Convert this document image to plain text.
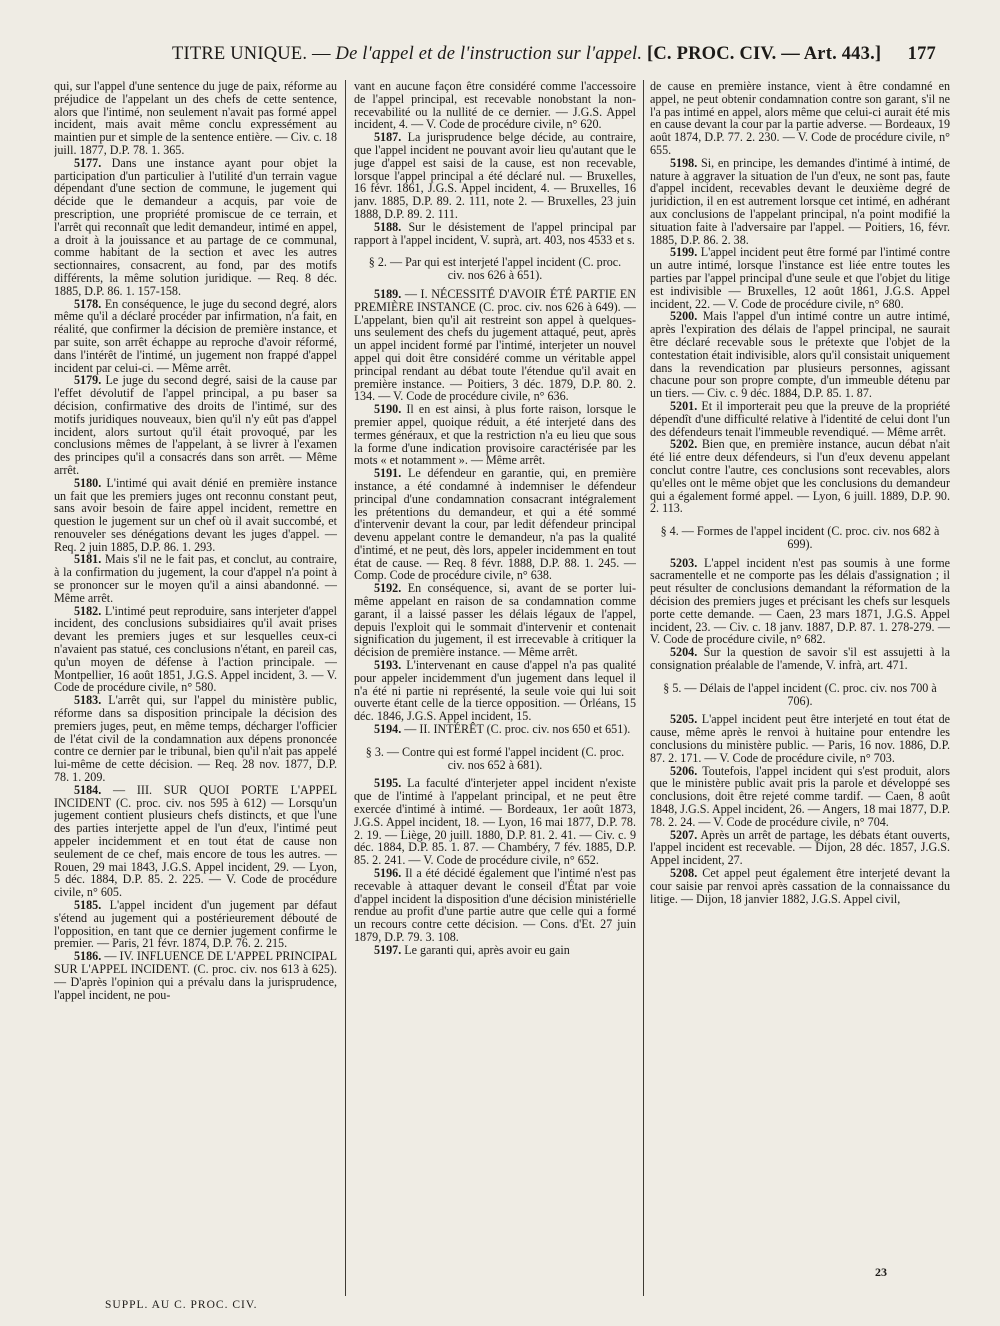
TITRE UNIQUE. — De l'appel et de l'instruction sur l'appel. [C. PROC. CIV. — Art. 443.] 177

qui, sur l'appel d'une sentence du juge de paix, réforme au préjudice de l'appelant un des chefs de cette sentence, alors que l'intimé, non seulement n'avait pas formé appel incident, mais avait même conclu expressément au maintien pur et simple de la sentence entière. — Civ. c. 18 juill. 1877, D.P. 78. 1. 365.

5177. Dans une instance ayant pour objet la participation d'un particulier à l'utilité d'un terrain vague dépendant d'une section de commune, le jugement qui décide que le demandeur a acquis, par voie de prescription, une propriété promiscue de ce terrain, et l'arrêt qui reconnaît que ledit demandeur, intimé en appel, a droit à la jouissance et au partage de ce communal, comme habitant de la section et avec les autres sectionnaires, consacrent, au fond, par des motifs différents, la même solution juridique. — Req. 8 déc. 1885, D.P. 86. 1. 157-158.

5178. En conséquence, le juge du second degré, alors même qu'il a déclaré procéder par infirmation, n'a fait, en réalité, que confirmer la décision de première instance, et par suite, son arrêt échappe au reproche d'avoir réformé, dans l'intérêt de l'intimé, un jugement non frappé d'appel incident par celui-ci. — Même arrêt.

5179. Le juge du second degré, saisi de la cause par l'effet dévolutif de l'appel principal, a pu baser sa décision, confirmative des droits de l'intimé, sur des motifs juridiques nouveaux, bien qu'il n'y eût pas d'appel incident, alors surtout qu'il était provoqué, par les conclusions mêmes de l'appelant, à se livrer à l'examen des principes qu'il a consacrés dans son arrêt. — Même arrêt.

5180. L'intimé qui avait dénié en première instance un fait que les premiers juges ont reconnu constant peut, sans avoir besoin de faire appel incident, remettre en question le jugement sur un chef où il avait succombé, et renouveler ses dénégations devant les juges d'appel. — Req. 2 juin 1885, D.P. 86. 1. 293.

5181. Mais s'il ne le fait pas, et conclut, au contraire, à la confirmation du jugement, la cour d'appel n'a point à se prononcer sur le moyen qu'il a ainsi abandonné. — Même arrêt.

5182. L'intimé peut reproduire, sans interjeter d'appel incident, des conclusions subsidiaires qu'il avait prises devant les premiers juges et sur lesquelles ceux-ci n'avaient pas statué, ces conclusions n'étant, en pareil cas, qu'un moyen de défense à l'action principale. — Montpellier, 16 août 1851, J.G.S. Appel incident, 3. — V. Code de procédure civile, n° 580.

5183. L'arrêt qui, sur l'appel du ministère public, réforme dans sa disposition principale la décision des premiers juges, peut, en même temps, décharger l'officier de l'état civil de la condamnation aux dépens prononcée contre ce dernier par le tribunal, bien qu'il n'ait pas appelé lui-même de cette décision. — Req. 28 nov. 1877, D.P. 78. 1. 209.

5184. — III. SUR QUOI PORTE L'APPEL INCIDENT (C. proc. civ. nos 595 à 612) — Lorsqu'un jugement contient plusieurs chefs distincts, et que l'une des parties interjette appel de l'un d'eux, l'intimé peut appeler incidemment et en tout état de cause non seulement de ce chef, mais encore de tous les autres. — Rouen, 29 mai 1843, J.G.S. Appel incident, 29. — Lyon, 5 déc. 1884, D.P. 85. 2. 225. — V. Code de procédure civile, n° 605.

5185. L'appel incident d'un jugement par défaut s'étend au jugement qui a postérieurement débouté de l'opposition, en tant que ce dernier jugement confirme le premier. — Paris, 21 févr. 1874, D.P. 76. 2. 215.

5186. — IV. INFLUENCE DE L'APPEL PRINCIPAL SUR L'APPEL INCIDENT. (C. proc. civ. nos 613 à 625). — D'après l'opinion qui a prévalu dans la jurisprudence, l'appel incident, ne pou-

vant en aucune façon être considéré comme l'accessoire de l'appel principal, est recevable nonobstant la non-recevabilité ou la nullité de ce dernier. — J.G.S. Appel incident, 4. — V. Code de procédure civile, n° 620.

5187. La jurisprudence belge décide, au contraire, que l'appel incident ne pouvant avoir lieu qu'autant que le juge d'appel est saisi de la cause, est non recevable, lorsque l'appel principal a été déclaré nul. — Bruxelles, 16 févr. 1861, J.G.S. Appel incident, 4. — Bruxelles, 16 janv. 1885, D.P. 89. 2. 111, note 2. — Bruxelles, 23 juin 1888, D.P. 89. 2. 111.

5188. Sur le désistement de l'appel principal par rapport à l'appel incident, V. suprà, art. 403, nos 4533 et s.

§ 2. — Par qui est interjeté l'appel incident (C. proc. civ. nos 626 à 651).

5189. — I. NÉCESSITÉ D'AVOIR ÉTÉ PARTIE EN PREMIÈRE INSTANCE (C. proc. civ. nos 626 à 649). — L'appelant, bien qu'il ait restreint son appel à quelques-uns seulement des chefs du jugement attaqué, peut, après un appel incident formé par l'intimé, interjeter un nouvel appel qui doit être considéré comme un véritable appel principal rendant au débat toute l'étendue qu'il avait en première instance. — Poitiers, 3 déc. 1879, D.P. 80. 2. 134. — V. Code de procédure civile, n° 636.

5190. Il en est ainsi, à plus forte raison, lorsque le premier appel, quoique réduit, a été interjeté dans des termes généraux, et que la restriction n'a eu lieu que sous la forme d'une indication provisoire caractérisée par les mots « et notamment ». — Même arrêt.

5191. Le défendeur en garantie, qui, en première instance, a été condamné à indemniser le défendeur principal d'une condamnation consacrant intégralement les prétentions du demandeur, et qui a été sommé d'intervenir devant la cour, par ledit défendeur principal devenu appelant contre le demandeur, n'a pas la qualité d'intimé, et ne peut, dès lors, appeler incidemment en tout état de cause. — Req. 8 févr. 1888, D.P. 88. 1. 245. — Comp. Code de procédure civile, n° 638.

5192. En conséquence, si, avant de se porter lui-même appelant en raison de sa condamnation comme garant, il a laissé passer les délais légaux de l'appel, depuis l'exploit qui le sommait d'intervenir et contenait signification du jugement, il est irrecevable à critiquer la décision de première instance. — Même arrêt.

5193. L'intervenant en cause d'appel n'a pas qualité pour appeler incidemment d'un jugement dans lequel il n'a été ni partie ni représenté, la seule voie qui lui soit ouverte étant celle de la tierce opposition. — Orléans, 15 déc. 1846, J.G.S. Appel incident, 15.

5194. — II. INTÉRÊT (C. proc. civ. nos 650 et 651).

§ 3. — Contre qui est formé l'appel incident (C. proc. civ. nos 652 à 681).

5195. La faculté d'interjeter appel incident n'existe que de l'intimé à l'appelant principal, et ne peut être exercée d'intimé à intimé. — Bordeaux, 1er août 1873, J.G.S. Appel incident, 18. — Lyon, 16 mai 1877, D.P. 78. 2. 19. — Liège, 20 juill. 1880, D.P. 81. 2. 41. — Civ. c. 9 déc. 1884, D.P. 85. 1. 87. — Chambéry, 7 fév. 1885, D.P. 85. 2. 241. — V. Code de procédure civile, n° 652.

5196. Il a été décidé également que l'intimé n'est pas recevable à attaquer devant le conseil d'État par voie d'appel incident la disposition d'une décision ministérielle rendue au profit d'une partie autre que celle qui a formé un recours contre cette décision. — Cons. d'Et. 27 juin 1879, D.P. 79. 3. 108.

5197. Le garanti qui, après avoir eu gain

de cause en première instance, vient à être condamné en appel, ne peut obtenir condamnation contre son garant, s'il ne l'a pas intimé en appel, alors même que celui-ci aurait été mis en cause devant la cour par la partie adverse. — Bordeaux, 19 août 1874, D.P. 77. 2. 230. — V. Code de procédure civile, n° 655.

5198. Si, en principe, les demandes d'intimé à intimé, de nature à aggraver la situation de l'un d'eux, ne sont pas, faute d'appel incident, recevables devant le deuxième degré de juridiction, il en est autrement lorsque cet intimé, en adhérant aux conclusions de l'appelant principal, n'a point modifié la situation faite à l'adversaire par l'appel. — Poitiers, 16, févr. 1885, D.P. 86. 2. 38.

5199. L'appel incident peut être formé par l'intimé contre un autre intimé, lorsque l'instance est liée entre toutes les parties par l'appel principal d'une seule et que l'objet du litige est indivisible — Bruxelles, 12 août 1861, J.G.S. Appel incident, 22. — V. Code de procédure civile, n° 680.

5200. Mais l'appel d'un intimé contre un autre intimé, après l'expiration des délais de l'appel principal, ne saurait être déclaré recevable sous le prétexte que l'objet de la contestation était indivisible, alors qu'il consistait uniquement dans la revendication par plusieurs personnes, agissant chacune pour son propre compte, d'un immeuble détenu par un tiers. — Civ. c. 9 déc. 1884, D.P. 85. 1. 87.

5201. Et il importerait peu que la preuve de la propriété dépendît d'une difficulté relative à l'identité de celui dont l'un des défendeurs tenait l'immeuble revendiqué. — Même arrêt.

5202. Bien que, en première instance, aucun débat n'ait été lié entre deux défendeurs, si l'un d'eux devenu appelant conclut contre l'autre, ces conclusions sont recevables, alors qu'elles ont le même objet que les conclusions du demandeur qui a également formé appel. — Lyon, 6 juill. 1889, D.P. 90. 2. 113.

§ 4. — Formes de l'appel incident (C. proc. civ. nos 682 à 699).

5203. L'appel incident n'est pas soumis à une forme sacramentelle et ne comporte pas les délais d'assignation ; il peut résulter de conclusions demandant la réformation de la décision des premiers juges et précisant les chefs sur lesquels porte cette demande. — Caen, 23 mars 1871, J.G.S. Appel incident, 23. — Civ. c. 18 janv. 1887, D.P. 87. 1. 278-279. — V. Code de procédure civile, n° 682.

5204. Sur la question de savoir s'il est assujetti à la consignation préalable de l'amende, V. infrà, art. 471.

§ 5. — Délais de l'appel incident (C. proc. civ. nos 700 à 706).

5205. L'appel incident peut être interjeté en tout état de cause, même après le renvoi à huitaine pour entendre les conclusions du ministère public. — Paris, 16 nov. 1886, D.P. 87. 2. 171. — V. Code de procédure civile, n° 703.

5206. Toutefois, l'appel incident qui s'est produit, alors que le ministère public avait pris la parole et développé ses conclusions, doit être rejeté comme tardif. — Caen, 8 août 1848, J.G.S. Appel incident, 26. — Angers, 18 mai 1877, D.P. 78. 2. 24. — V. Code de procédure civile, n° 704.

5207. Après un arrêt de partage, les débats étant ouverts, l'appel incident est recevable. — Dijon, 28 déc. 1857, J.G.S. Appel incident, 27.

5208. Cet appel peut également être interjeté devant la cour saisie par renvoi après cassation de la connaissance du litige. — Dijon, 18 janvier 1882, J.G.S. Appel civil,

SUPPL. AU C. PROC. CIV.
23
